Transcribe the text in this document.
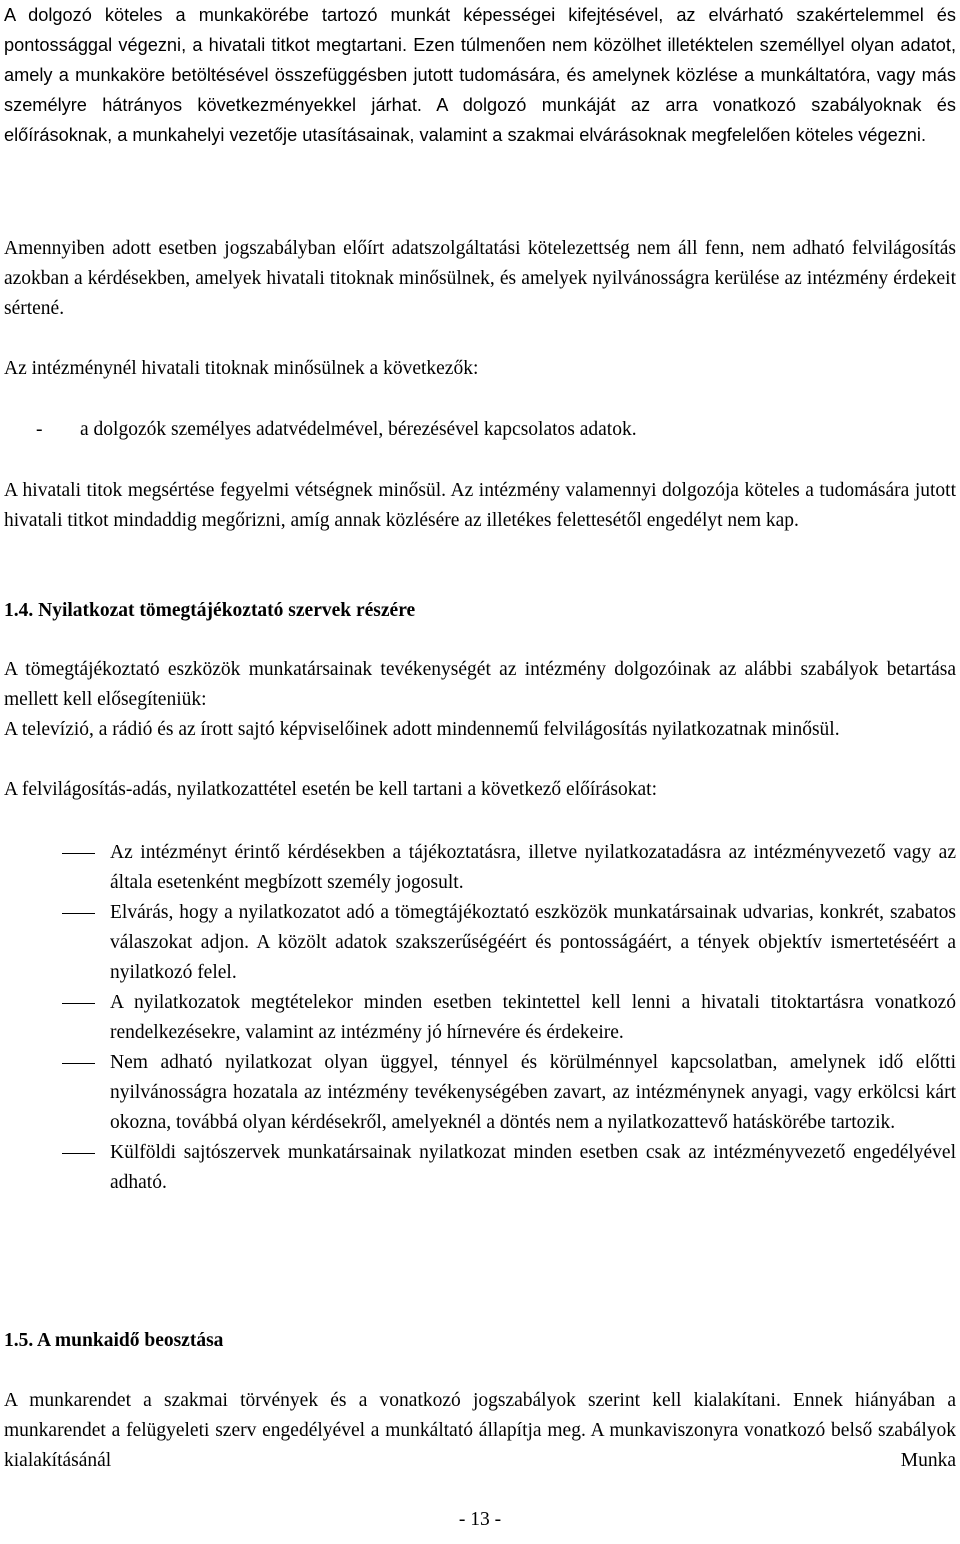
A dolgozó köteles a munkakörébe tartozó munkát képességei kifejtésével, az elvárható szakértelemmel és pontossággal végezni, a hivatali titkot megtartani. Ezen túlmenően nem közölhet illetéktelen személlyel olyan adatot, amely a munkaköre betöltésével összefüggésben jutott tudomására, és amelynek közlése a munkáltatóra, vagy más személyre hátrányos következményekkel járhat. A dolgozó munkáját az arra vonatkozó szabályoknak és előírásoknak, a munkahelyi vezetője utasításainak, valamint a szakmai elvárásoknak megfelelően köteles végezni.

Amennyiben adott esetben jogszabályban előírt adatszolgáltatási kötelezettség nem áll fenn, nem adható felvilágosítás azokban a kérdésekben, amelyek hivatali titoknak minősülnek, és amelyek nyilvánosságra kerülése az intézmény érdekeit sértené.

Az intézménynél hivatali titoknak minősülnek a következők:

-	a dolgozók személyes adatvédelmével, bérezésével kapcsolatos adatok.

A hivatali titok megsértése fegyelmi vétségnek minősül. Az intézmény valamennyi dolgozója köteles a tudomására jutott hivatali titkot mindaddig megőrizni, amíg annak közlésére az illetékes felettesétől engedélyt nem kap.

1.4. Nyilatkozat tömegtájékoztató szervek részére

A tömegtájékoztató eszközök munkatársainak tevékenységét az intézmény dolgozóinak az alábbi szabályok betartása mellett kell elősegíteniük:

A televízió, a rádió és az írott sajtó képviselőinek adott mindennemű felvilágosítás nyilatkozatnak minősül.

A felvilágosítás-adás, nyilatkozattétel esetén be kell tartani a következő előírásokat:

Az intézményt érintő kérdésekben a tájékoztatásra, illetve nyilatkozatadásra az intézményvezető vagy az általa esetenként megbízott személy jogosult.
Elvárás, hogy a nyilatkozatot adó a tömegtájékoztató eszközök munkatársainak udvarias, konkrét, szabatos válaszokat adjon. A közölt adatok szakszerűségéért és pontosságáért, a tények objektív ismertetéséért a nyilatkozó felel.
A nyilatkozatok megtételekor minden esetben tekintettel kell lenni a hivatali titoktartásra vonatkozó rendelkezésekre, valamint az intézmény jó hírnevére és érdekeire.
Nem adható nyilatkozat olyan üggyel, ténnyel és körülménnyel kapcsolatban, amelynek idő előtti nyilvánosságra hozatala az intézmény tevékenységében zavart, az intézménynek anyagi, vagy erkölcsi kárt okozna, továbbá olyan kérdésekről, amelyeknél a döntés nem a nyilatkozattevő hatáskörébe tartozik.
Külföldi sajtószervek munkatársainak nyilatkozat minden esetben csak az intézményvezető engedélyével adható.
1.5. A munkaidő beosztása

A munkarendet a szakmai törvények és a vonatkozó jogszabályok szerint kell kialakítani. Ennek hiányában a munkarendet a felügyeleti szerv engedélyével a munkáltató állapítja meg. A munkaviszonyra vonatkozó belső szabályok kialakításánál Munka

- 13 -
